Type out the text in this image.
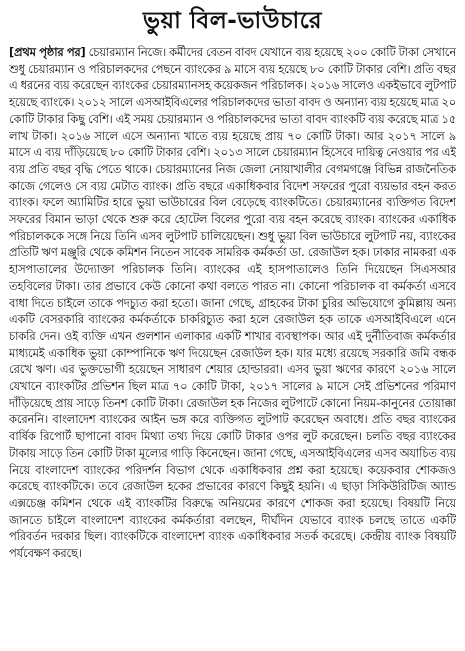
ভুয়া বিল-ভাউচারে

[প্রথম পৃষ্ঠার পর] চেয়ারম্যান নিজে। কর্মীদের বেতন বাবদ যেখানে ব্যয় হয়েছে ২০০ কোটি টাকা সেখানে শুধু চেয়ারম্যান ও পরিচালকদের পেছনে ব্যাংকের ৯ মাসে ব্যয় হয়েছে ৮০ কোটি টাকার বেশি। প্রতি বছর এ ধরনের ব্যয় করেছেন ব্যাংকের চেয়ারম্যানসহ কয়েকজন পরিচালক। ২০১৬ সালেও একইভাবে লুটপাট হয়েছে ব্যাংকে। ২০১২ সালে এসআইবিএলের পরিচালকদের ভাতা বাবদ ও অন্যান্য ব্যয় হয়েছে মাত্র ২০ কোটি টাকার কিছু বেশি। এই সময় চেয়ারম্যান ও পরিচালকদের ভাতা বাবদ ব্যাংকটি ব্যয় করেছে মাত্র ১৫ লাখ টাকা। ২০১৬ সালে এসে অন্যান্য খাতে ব্যয় হয়েছে প্রায় ৭০ কোটি টাকা। আর ২০১৭ সালে ৯ মাসে এ ব্যয় দাঁড়িয়েছে ৮০ কোটি টাকার বেশি। ২০১৩ সালে চেয়ারম্যান হিসেবে দায়িত্ব নেওয়ার পর এই ব্যয় প্রতি বছর বৃদ্ধি পেতে থাকে। চেয়ারম্যানের নিজ জেলা নোয়াখালীর বেগমগঞ্জে বিভিন্ন রাজনৈতিক কাজে গেলেও সে ব্যয় মেটাত ব্যাংক। প্রতি বছরে একাধিকবার বিদেশ সফরের পুরো ব্যয়ভার বহন করত ব্যাংক। ফলে অ্যামিটির হারে ভুয়া ভাউচারের বিল বেড়েছে ব্যাংকটিতে। চেয়ারম্যানের ব্যক্তিগত বিদেশ সফরের বিমান ভাড়া থেকে শুরু করে হোটেল বিলের পুরো ব্যয় বহন করেছে ব্যাংক। ব্যাংকের একাধিক পরিচালককে সঙ্গে নিয়ে তিনি এসব লুটপাট চালিয়েছেন। শুধু ভুয়া বিল ভাউচারে লুটপাট নয়, ব্যাংকের প্রতিটি ঋণ মঞ্জুরি থেকে কমিশন নিতেন সাবেক সামরিক কর্মকর্তা ডা. রেজাউল হক। ঢাকার নামকরা এক হাসপাতালের উদ্যোক্তা পরিচালক তিনি। ব্যাংকের এই হাসপাতালেও তিনি দিয়েছেন সিএসআর তহবিলের টাকা। তার প্রভাবে কেউ কোনো কথা বলতে পারত না। কোনো পরিচালক বা কর্মকর্তা এসবে বাধা দিতে চাইলে তাকে পদচ্যুত করা হতো। জানা গেছে, গ্রাহকের টাকা চুরির অভিযোগে কুমিল্লায় অন্য একটি বেসরকারি ব্যাংকের কর্মকর্তাকে চাকরিচ্যুত করা হলে রেজাউল হক তাকে এসআইবিএলে এনে চাকরি দেন। ওই ব্যক্তি এখন গুলশান এলাকার একটি শাখার ব্যবস্থাপক। আর এই দুর্নীতিবাজ কর্মকর্তার মাধ্যমেই একাধিক ভুয়া কোম্পানিকে ঋণ দিয়েছেন রেজাউল হক। যার মধ্যে রয়েছে সরকারি জমি বন্ধক রেখে ঋণ। এর ভুক্তভোগী হয়েছেন সাধারণ শেয়ার হোল্ডাররা। এসব ভুয়া ঋণের কারণে ২০১৬ সালে যেখানে ব্যাংকটির প্রভিশন ছিল মাত্র ৭০ কোটি টাকা, ২০১৭ সালের ৯ মাসে সেই প্রভিশনের পরিমাণ দাঁড়িয়েছে প্রায় সাড়ে তিনশ কোটি টাকা। রেজাউল হক নিজের লুটপাটে কোনো নিয়ম-কানুনের তোয়াক্কা করেননি। বাংলাদেশ ব্যাংকের আইন ভঙ্গ করে ব্যক্তিগত লুটপাট করেছেন অবাধে। প্রতি বছর ব্যাংকের বার্ষিক রিপোর্ট ছাপানো বাবদ মিথ্যা তথ্য দিয়ে কোটি টাকার ওপর লুট করেছেন। চলতি বছর ব্যাংকের টাকায় সাড়ে তিন কোটি টাকা মূল্যের গাড়ি কিনেছেন। জানা গেছে, এসআইবিএলের এসব অযাচিত ব্যয় নিয়ে বাংলাদেশ ব্যাংকের পরিদর্শন বিভাগ থেকে একাধিকবার প্রশ্ন করা হয়েছে। কয়েকবার শোকজও করেছে ব্যাংকটিকে। তবে রেজাউল হকের প্রভাবের কারণে কিছুই হয়নি। এ ছাড়া সিকিউরিটিজ অ্যান্ড এক্সচেঞ্জ কমিশন থেকে এই ব্যাংকটির বিরুদ্ধে অনিয়মের কারণে শোকজ করা হয়েছে। বিষয়টি নিয়ে জানতে চাইলে বাংলাদেশ ব্যাংকের কর্মকর্তারা বলছেন, দীর্ঘদিন যেভাবে ব্যাংক চলছে তাতে একটি পরিবর্তন দরকার ছিল। ব্যাংকটিকে বাংলাদেশ ব্যাংক একাধিকবার সতর্ক করেছে। কেন্দ্রীয় ব্যাংক বিষয়টি পর্যবেক্ষণ করছে।
